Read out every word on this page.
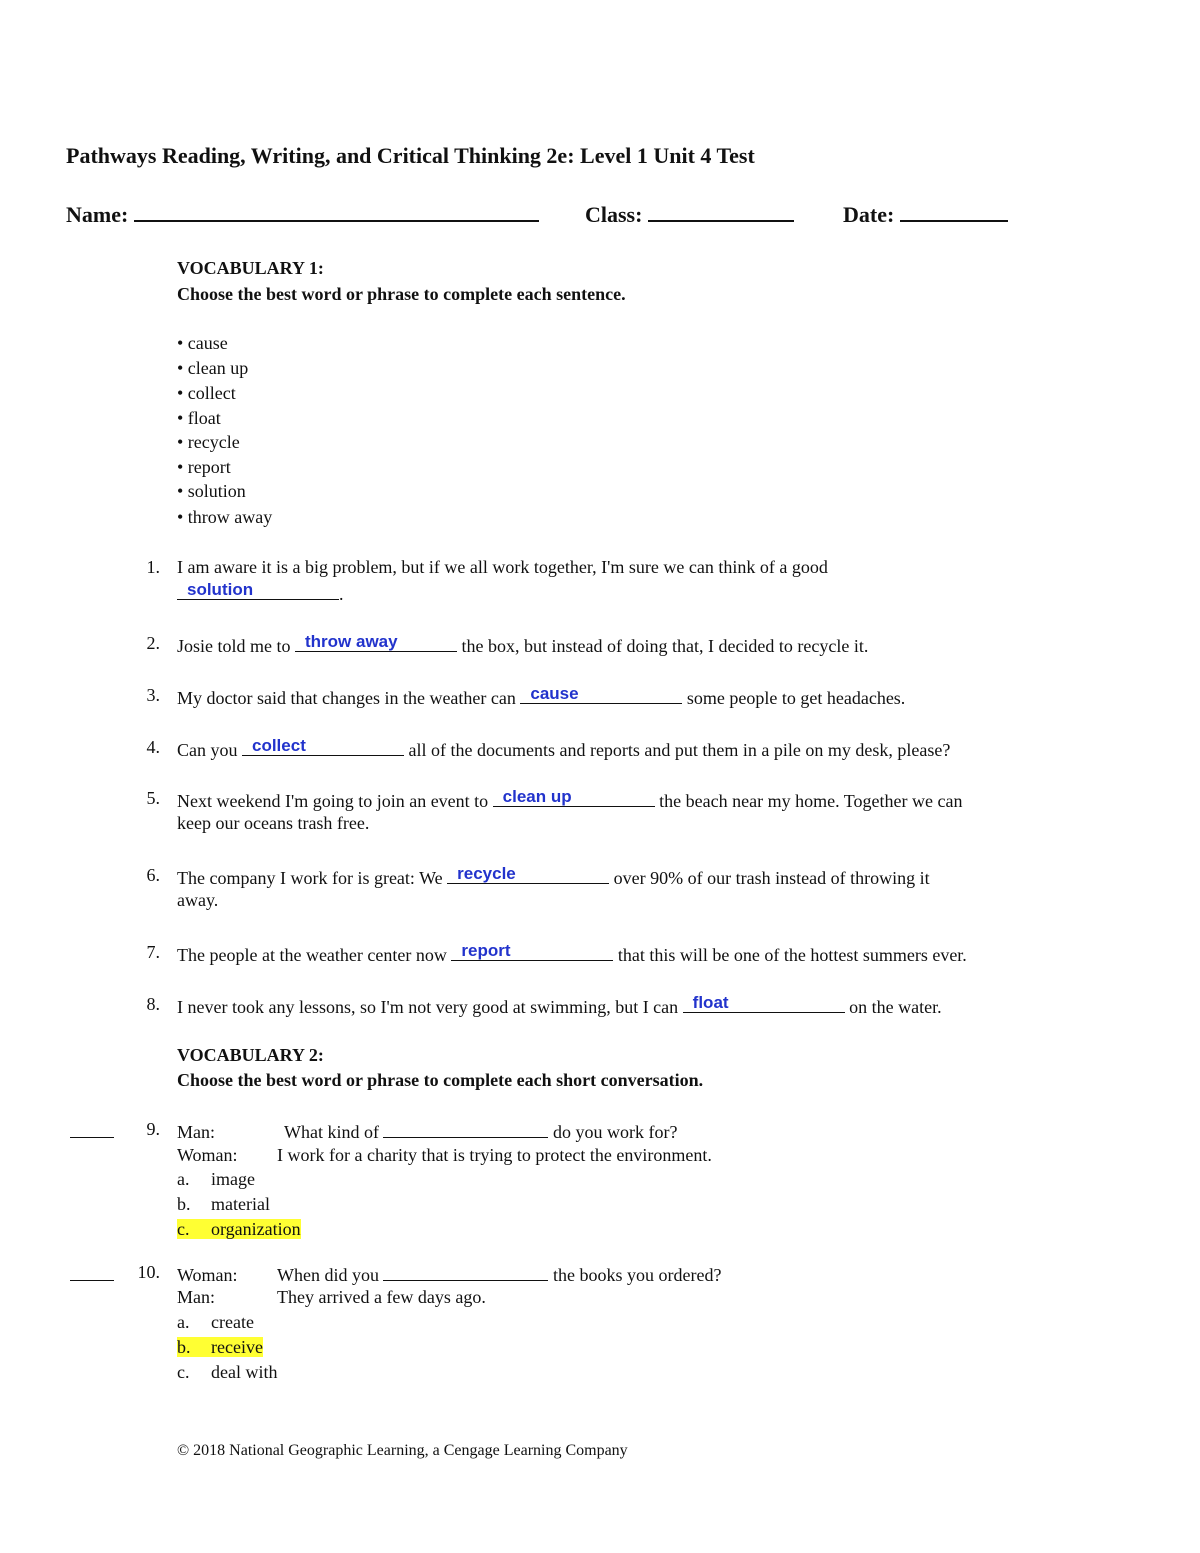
Pathways Reading, Writing, and Critical Thinking 2e: Level 1 Unit 4 Test
Name:	Class:	Date:
VOCABULARY 1:
Choose the best word or phrase to complete each sentence.
• cause
• clean up
• collect
• float
• recycle
• report
• solution
• throw away
1. I am aware it is a big problem, but if we all work together, I'm sure we can think of a good
solution	.
2. Josie told me to throw away	the box, but instead of doing that, I decided to recycle it.
3. My doctor said that changes in the weather can cause	some people to get headaches.
4. Can you collect	all of the documents and reports and put them in a pile on my desk, please?
5. Next weekend I'm going to join an event to clean up	the beach near my home. Together we can
keep our oceans trash free.
6. The company I work for is great: We recycle	over 90% of our trash instead of throwing it
away.
7. The people at the weather center now report	that this will be one of the hottest summers ever.
8. I never took any lessons, so I'm not very good at swimming, but I can float	on the water.
VOCABULARY 2:
Choose the best word or phrase to complete each short conversation.
9. Man:	What kind of	do you work for?
Woman: I work for a charity that is trying to protect the environment.
a. image
b. material
c. organization
10. Woman: When did you	the books you ordered?
Man:	They arrived a few days ago.
a. create
b. receive
c. deal with
© 2018 National Geographic Learning, a Cengage Learning Company
